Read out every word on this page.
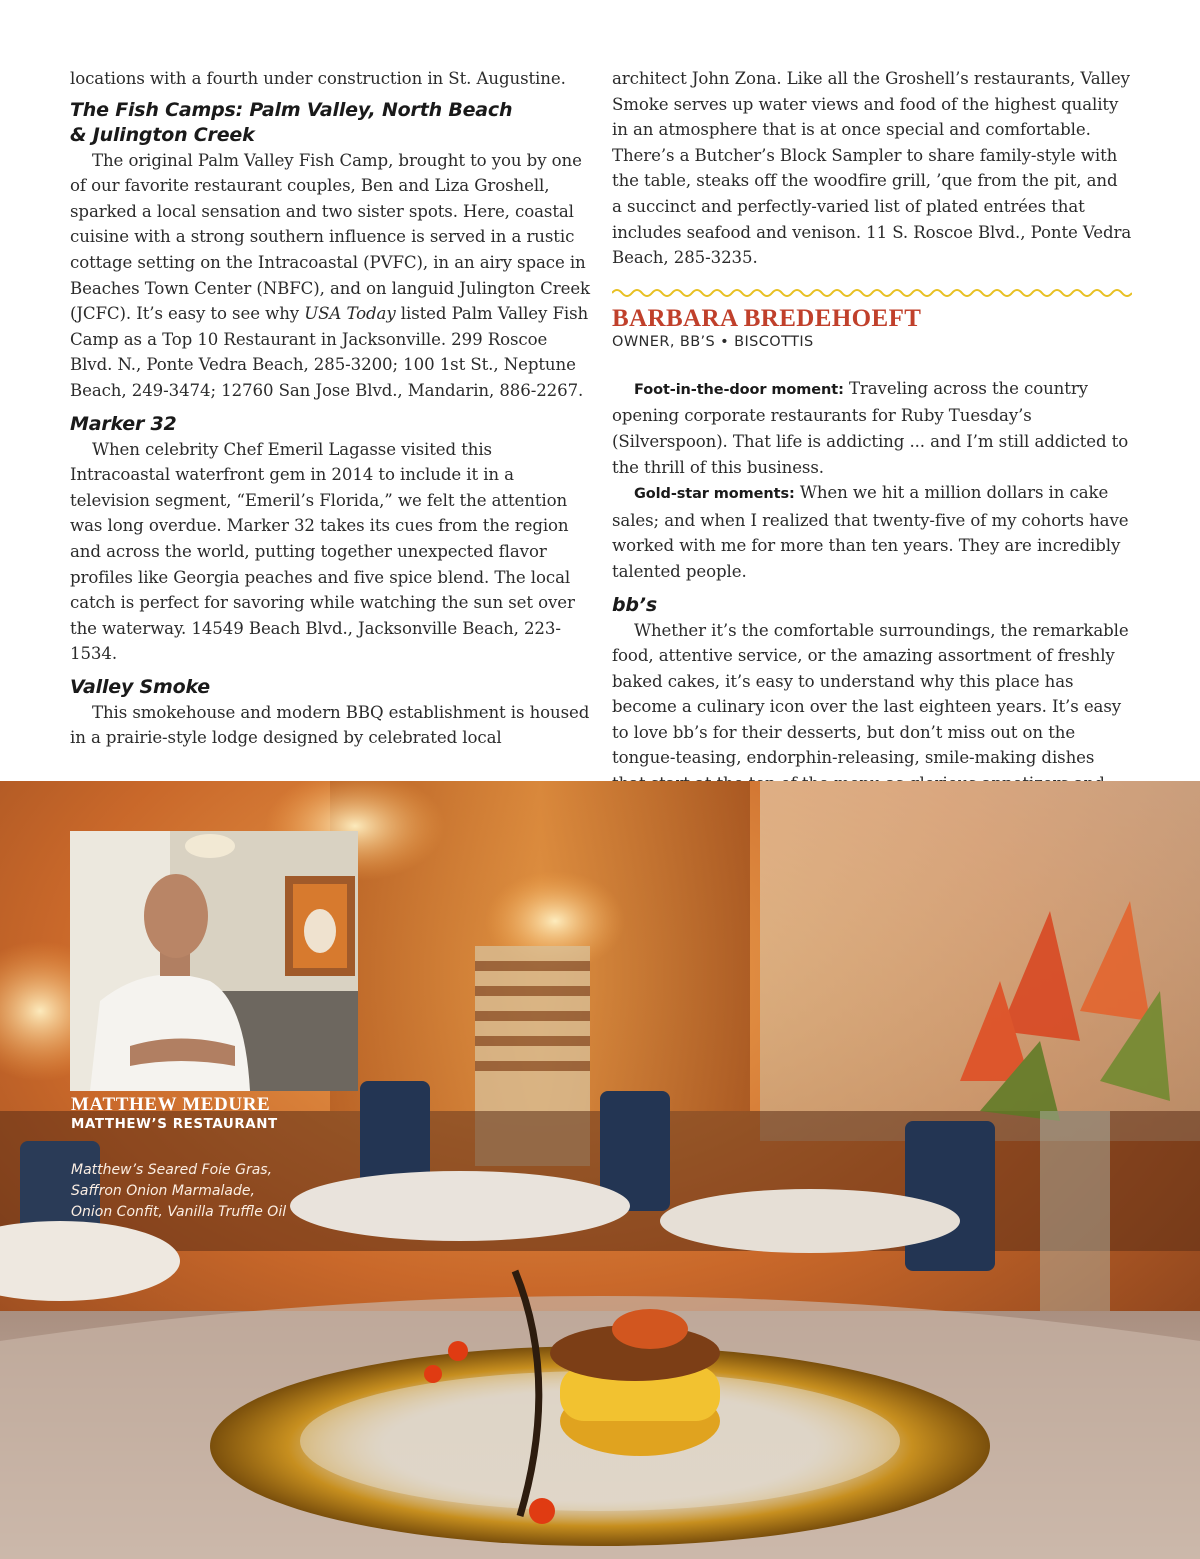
locations with a fourth under construction in St. Augustine.

The Fish Camps: Palm Valley, North Beach
& Julington Creek

The original Palm Valley Fish Camp, brought to you by one of our favorite restaurant couples, Ben and Liza Groshell, sparked a local sensation and two sister spots. Here, coastal cuisine with a strong southern influence is served in a rustic cottage setting on the Intracoastal (PVFC), in an airy space in Beaches Town Center (NBFC), and on languid Julington Creek (JCFC). It’s easy to see why USA Today listed Palm Valley Fish Camp as a Top 10 Restaurant in Jacksonville. 299 Roscoe Blvd. N., Ponte Vedra Beach, 285-3200; 100 1st St., Neptune Beach, 249-3474; 12760 San Jose Blvd., Mandarin, 886-2267.

Marker 32

When celebrity Chef Emeril Lagasse visited this Intracoastal waterfront gem in 2014 to include it in a television segment, “Emeril’s Florida,” we felt the attention was long overdue. Marker 32 takes its cues from the region and across the world, putting together unexpected flavor profiles like Georgia peaches and five spice blend. The local catch is perfect for savoring while watching the sun set over the waterway. 14549 Beach Blvd., Jacksonville Beach, 223-1534.

Valley Smoke

This smokehouse and modern BBQ establishment is housed in a prairie-style lodge designed by celebrated local

architect John Zona. Like all the Groshell’s restaurants, Valley Smoke serves up water views and food of the highest quality in an atmosphere that is at once special and comfortable. There’s a Butcher’s Block Sampler to share family-style with the table, steaks off the woodfire grill, ’que from the pit, and a succinct and perfectly-varied list of plated entrées that includes seafood and venison. 11 S. Roscoe Blvd., Ponte Vedra Beach, 285-3235.

BARBARA BREDEHOEFT
OWNER, BB’S • BISCOTTIS

Foot-in-the-door moment: Traveling across the country opening corporate restaurants for Ruby Tuesday’s (Silverspoon). That life is addicting ... and I’m still addicted to the thrill of this business.

Gold-star moments: When we hit a million dollars in cake sales; and when I realized that twenty-five of my cohorts have worked with me for more than ten years. They are incredibly talented people.

bb’s

Whether it’s the comfortable surroundings, the remarkable food, attentive service, or the amazing assortment of freshly baked cakes, it’s easy to understand why this place has become a culinary icon over the last eighteen years. It’s easy to love bb’s for their desserts, but don’t miss out on the tongue-teasing, endorphin-releasing, smile-making dishes

MATTHEW MEDURE
MATTHEW’S RESTAURANT
Matthew’s Seared Foie Gras,
Saffron Onion Marmalade,
Onion Confit, Vanilla Truffle Oil
